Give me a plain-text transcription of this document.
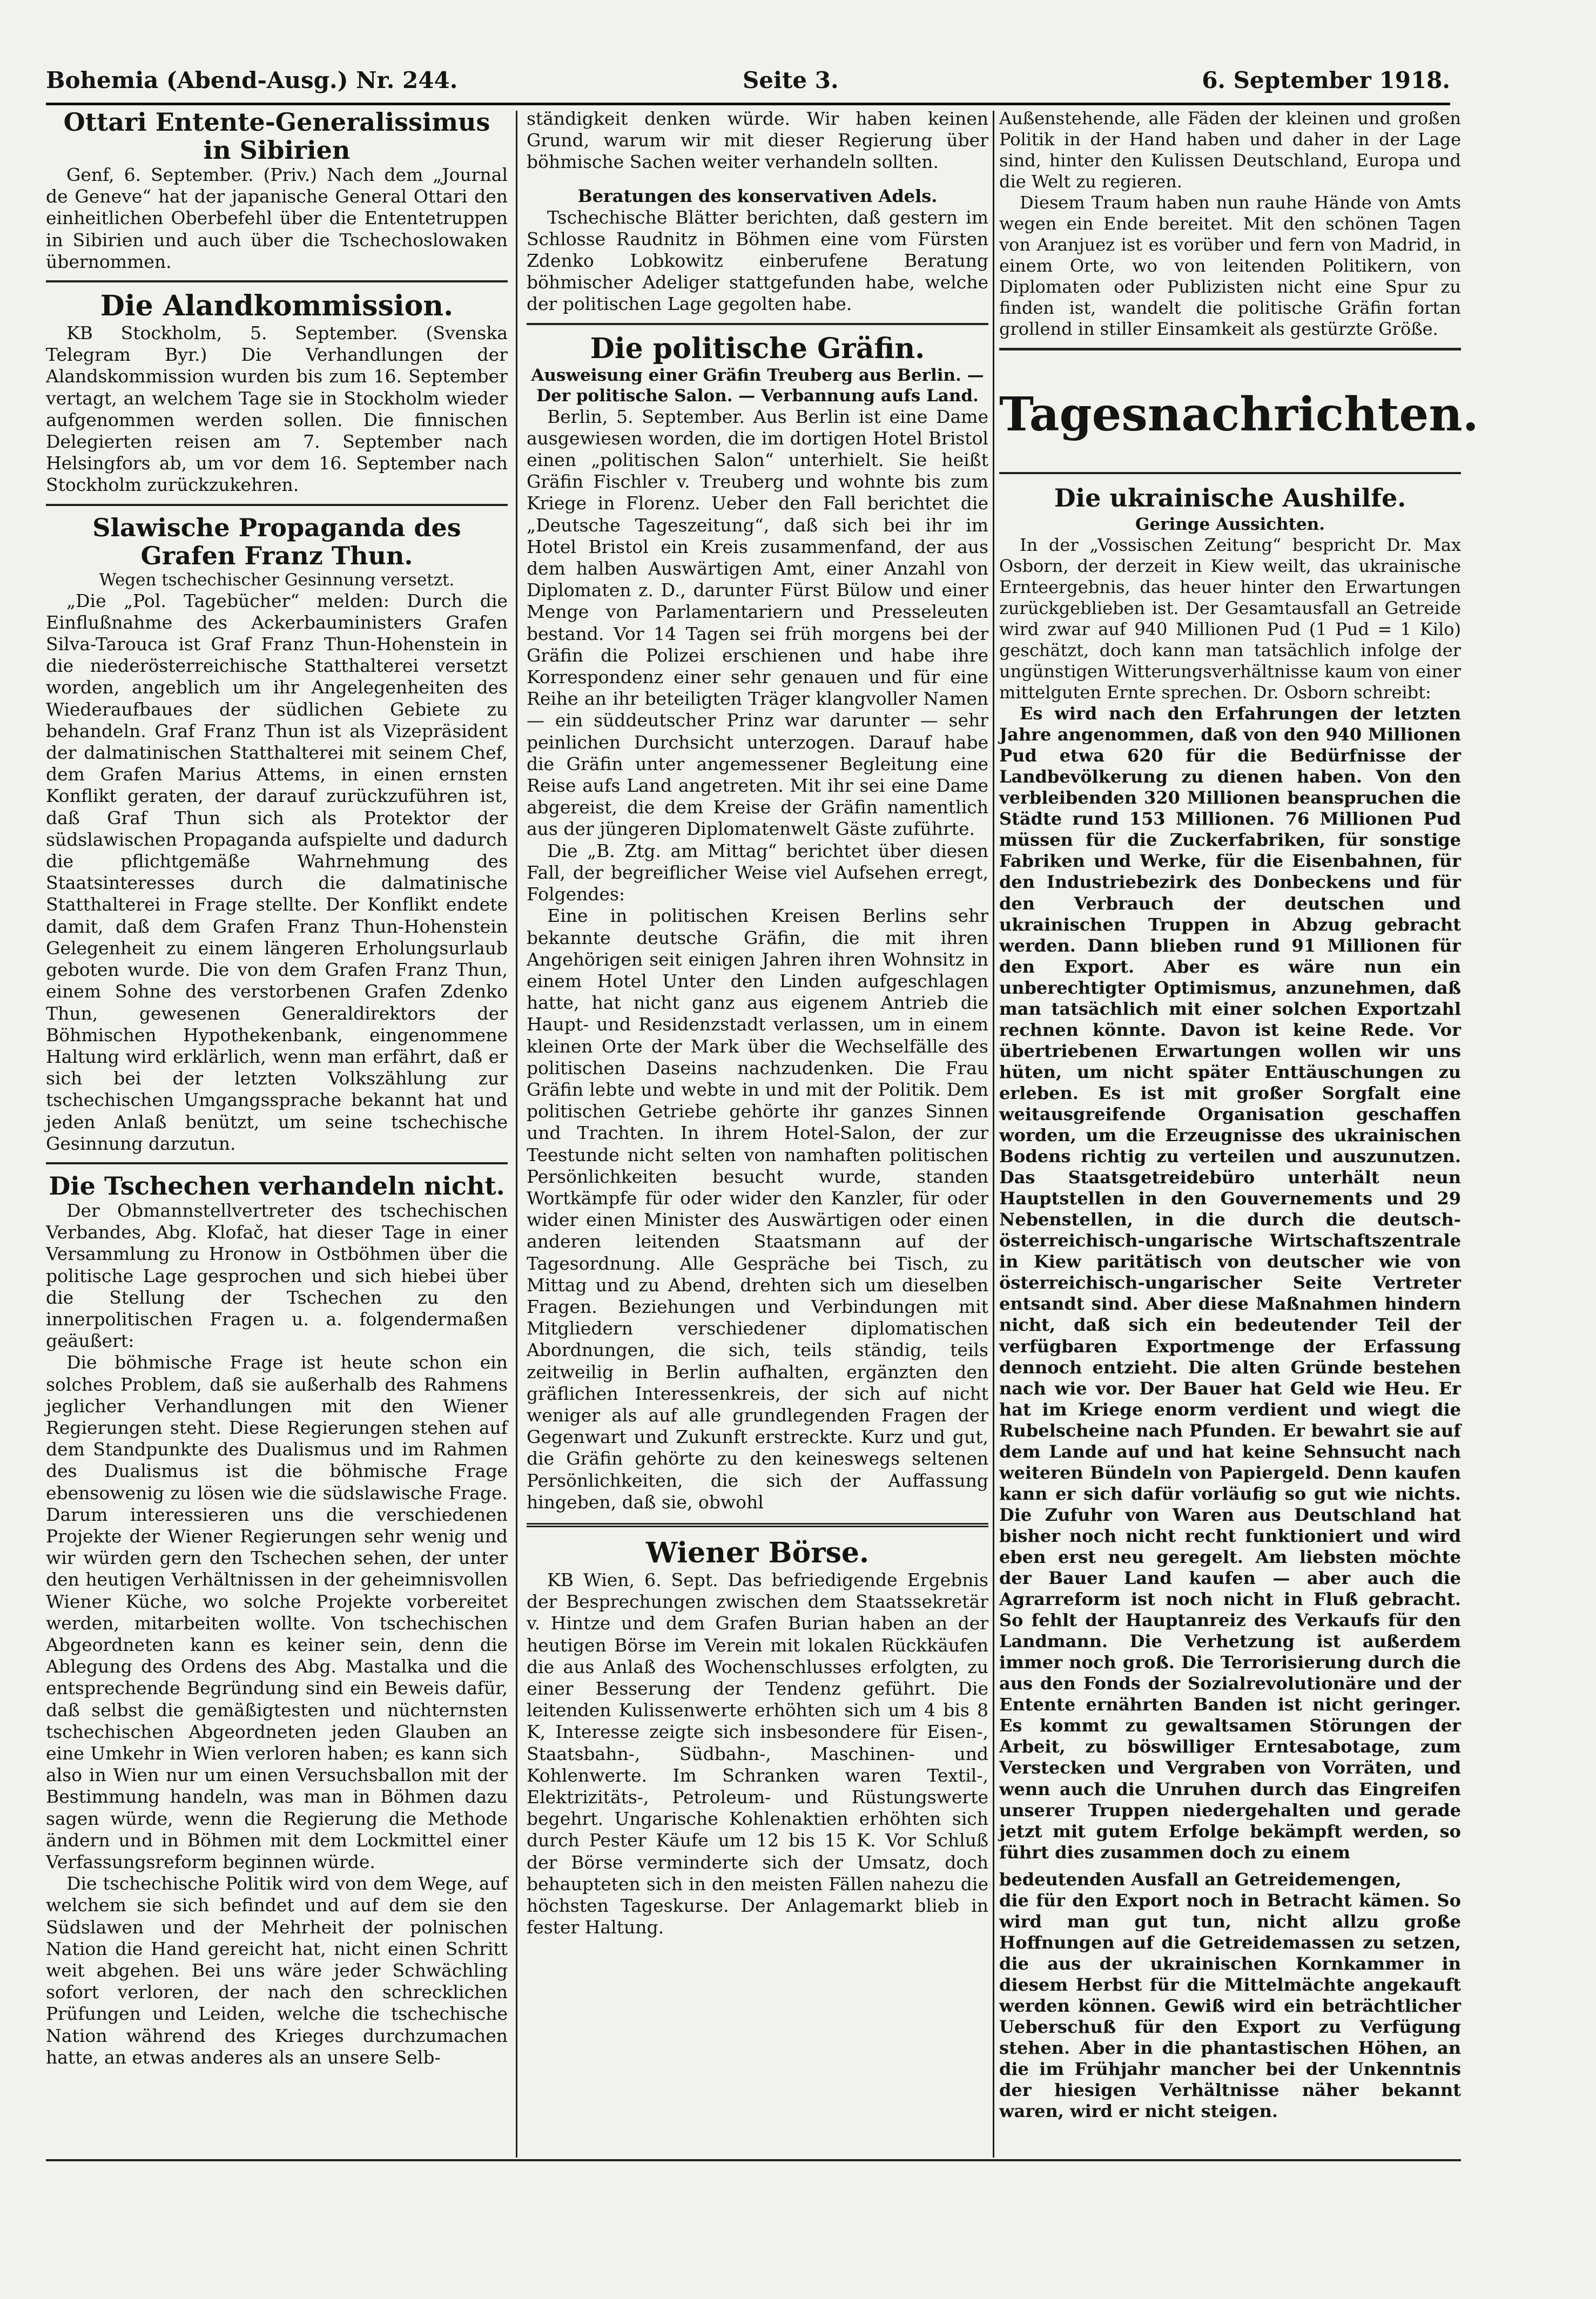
Bohemia (Abend-Ausg.) Nr. 244.	Seite 3.	6. September 1918.
Ottari Entente-Generalissimus in Sibirien

Genf, 6. September. (Priv.) Nach dem „Journal de Geneve“ hat der japanische General Ottari den einheitlichen Oberbefehl über die Ententetruppen in Sibirien und auch über die Tschechoslowaken übernommen.

Die Alandkommission.

KB Stockholm, 5. September. (Svenska Telegram Byr.) Die Verhandlungen der Alandskommission wurden bis zum 16. September vertagt, an welchem Tage sie in Stockholm wieder aufgenommen werden sollen. Die finnischen Delegierten reisen am 7. September nach Helsingfors ab, um vor dem 16. September nach Stockholm zurückzukehren.

Slawische Propaganda des Grafen Franz Thun.
Wegen tschechischer Gesinnung versetzt.

„Die „Pol. Tagebücher“ melden: Durch die Einflußnahme des Ackerbauministers Grafen Silva-Tarouca ist Graf Franz Thun-Hohenstein in die niederösterreichische Statthalterei versetzt worden, angeblich um ihr Angelegenheiten des Wiederaufbaues der südlichen Gebiete zu behandeln. Graf Franz Thun ist als Vizepräsident der dalmatinischen Statthalterei mit seinem Chef, dem Grafen Marius Attems, in einen ernsten Konflikt geraten, der darauf zurückzuführen ist, daß Graf Thun sich als Protektor der südslawischen Propaganda aufspielte und dadurch die pflichtgemäße Wahrnehmung des Staatsinteresses durch die dalmatinische Statthalterei in Frage stellte. Der Konflikt endete damit, daß dem Grafen Franz Thun-Hohenstein Gelegenheit zu einem längeren Erholungsurlaub geboten wurde. Die von dem Grafen Franz Thun, einem Sohne des verstorbenen Grafen Zdenko Thun, gewesenen Generaldirektors der Böhmischen Hypothekenbank, eingenommene Haltung wird erklärlich, wenn man erfährt, daß er sich bei der letzten Volkszählung zur tschechischen Umgangssprache bekannt hat und jeden Anlaß benützt, um seine tschechische Gesinnung darzutun.

Die Tschechen verhandeln nicht.

Der Obmannstellvertreter des tschechischen Verbandes, Abg. Klofač, hat dieser Tage in einer Versammlung zu Hronow in Ostböhmen über die politische Lage gesprochen und sich hiebei über die Stellung der Tschechen zu den innerpolitischen Fragen u. a. folgendermaßen geäußert:

Die böhmische Frage ist heute schon ein solches Problem, daß sie außerhalb des Rahmens jeglicher Verhandlungen mit den Wiener Regierungen steht. Diese Regierungen stehen auf dem Standpunkte des Dualismus und im Rahmen des Dualismus ist die böhmische Frage ebensowenig zu lösen wie die südslawische Frage. Darum interessieren uns die verschiedenen Projekte der Wiener Regierungen sehr wenig und wir würden gern den Tschechen sehen, der unter den heutigen Verhältnissen in der geheimnisvollen Wiener Küche, wo solche Projekte vorbereitet werden, mitarbeiten wollte. Von tschechischen Abgeordneten kann es keiner sein, denn die Ablegung des Ordens des Abg. Mastalka und die entsprechende Begründung sind ein Beweis dafür, daß selbst die gemäßigtesten und nüchternsten tschechischen Abgeordneten jeden Glauben an eine Umkehr in Wien verloren haben; es kann sich also in Wien nur um einen Versuchsballon mit der Bestimmung handeln, was man in Böhmen dazu sagen würde, wenn die Regierung die Methode ändern und in Böhmen mit dem Lockmittel einer Verfassungsreform beginnen würde.

Die tschechische Politik wird von dem Wege, auf welchem sie sich befindet und auf dem sie den Südslawen und der Mehrheit der polnischen Nation die Hand gereicht hat, nicht einen Schritt weit abgehen. Bei uns wäre jeder Schwächling sofort verloren, der nach den schrecklichen Prüfungen und Leiden, welche die tschechische Nation während des Krieges durchzumachen hatte, an etwas anderes als an unsere Selb-

ständigkeit denken würde. Wir haben keinen Grund, warum wir mit dieser Regierung über böhmische Sachen weiter verhandeln sollten.

Beratungen des konservativen Adels.

Tschechische Blätter berichten, daß gestern im Schlosse Raudnitz in Böhmen eine vom Fürsten Zdenko Lobkowitz einberufene Beratung böhmischer Adeliger stattgefunden habe, welche der politischen Lage gegolten habe.

Die politische Gräfin.
Ausweisung einer Gräfin Treuberg aus Berlin. — Der politische Salon. — Verbannung aufs Land.

Berlin, 5. September. Aus Berlin ist eine Dame ausgewiesen worden, die im dortigen Hotel Bristol einen „politischen Salon“ unterhielt. Sie heißt Gräfin Fischler v. Treuberg und wohnte bis zum Kriege in Florenz. Ueber den Fall berichtet die „Deutsche Tageszeitung“, daß sich bei ihr im Hotel Bristol ein Kreis zusammenfand, der aus dem halben Auswärtigen Amt, einer Anzahl von Diplomaten z. D., darunter Fürst Bülow und einer Menge von Parlamentariern und Presseleuten bestand. Vor 14 Tagen sei früh morgens bei der Gräfin die Polizei erschienen und habe ihre Korrespondenz einer sehr genauen und für eine Reihe an ihr beteiligten Träger klangvoller Namen — ein süddeutscher Prinz war darunter — sehr peinlichen Durchsicht unterzogen. Darauf habe die Gräfin unter angemessener Begleitung eine Reise aufs Land angetreten. Mit ihr sei eine Dame abgereist, die dem Kreise der Gräfin namentlich aus der jüngeren Diplomatenwelt Gäste zuführte.

Die „B. Ztg. am Mittag“ berichtet über diesen Fall, der begreiflicher Weise viel Aufsehen erregt, Folgendes:

Eine in politischen Kreisen Berlins sehr bekannte deutsche Gräfin, die mit ihren Angehörigen seit einigen Jahren ihren Wohnsitz in einem Hotel Unter den Linden aufgeschlagen hatte, hat nicht ganz aus eigenem Antrieb die Haupt- und Residenzstadt verlassen, um in einem kleinen Orte der Mark über die Wechselfälle des politischen Daseins nachzudenken. Die Frau Gräfin lebte und webte in und mit der Politik. Dem politischen Getriebe gehörte ihr ganzes Sinnen und Trachten. In ihrem Hotel-Salon, der zur Teestunde nicht selten von namhaften politischen Persönlichkeiten besucht wurde, standen Wortkämpfe für oder wider den Kanzler, für oder wider einen Minister des Auswärtigen oder einen anderen leitenden Staatsmann auf der Tagesordnung. Alle Gespräche bei Tisch, zu Mittag und zu Abend, drehten sich um dieselben Fragen. Beziehungen und Verbindungen mit Mitgliedern verschiedener diplomatischen Abordnungen, die sich, teils ständig, teils zeitweilig in Berlin aufhalten, ergänzten den gräflichen Interessenkreis, der sich auf nicht weniger als auf alle grundlegenden Fragen der Gegenwart und Zukunft erstreckte. Kurz und gut, die Gräfin gehörte zu den keineswegs seltenen Persönlichkeiten, die sich der Auffassung hingeben, daß sie, obwohl

Wiener Börse.

KB Wien, 6. Sept. Das befriedigende Ergebnis der Besprechungen zwischen dem Staatssekretär v. Hintze und dem Grafen Burian haben an der heutigen Börse im Verein mit lokalen Rückkäufen die aus Anlaß des Wochenschlusses erfolgten, zu einer Besserung der Tendenz geführt. Die leitenden Kulissenwerte erhöhten sich um 4 bis 8 K, Interesse zeigte sich insbesondere für Eisen-, Staatsbahn-, Südbahn-, Maschinen- und Kohlenwerte. Im Schranken waren Textil-, Elektrizitäts-, Petroleum- und Rüstungswerte begehrt. Ungarische Kohlenaktien erhöhten sich durch Pester Käufe um 12 bis 15 K. Vor Schluß der Börse verminderte sich der Umsatz, doch behaupteten sich in den meisten Fällen nahezu die höchsten Tageskurse. Der Anlagemarkt blieb in fester Haltung.

Außenstehende, alle Fäden der kleinen und großen Politik in der Hand haben und daher in der Lage sind, hinter den Kulissen Deutschland, Europa und die Welt zu regieren.

Diesem Traum haben nun rauhe Hände von Amts wegen ein Ende bereitet. Mit den schönen Tagen von Aranjuez ist es vorüber und fern von Madrid, in einem Orte, wo von leitenden Politikern, von Diplomaten oder Publizisten nicht eine Spur zu finden ist, wandelt die politische Gräfin fortan grollend in stiller Einsamkeit als gestürzte Größe.

Tagesnachrichten.
Die ukrainische Aushilfe.
Geringe Aussichten.

In der „Vossischen Zeitung“ bespricht Dr. Max Osborn, der derzeit in Kiew weilt, das ukrainische Ernteergebnis, das heuer hinter den Erwartungen zurückgeblieben ist. Der Gesamtausfall an Getreide wird zwar auf 940 Millionen Pud (1 Pud = 1 Kilo) geschätzt, doch kann man tatsächlich infolge der ungünstigen Witterungsverhältnisse kaum von einer mittelguten Ernte sprechen. Dr. Osborn schreibt:

Es wird nach den Erfahrungen der letzten Jahre angenommen, daß von den 940 Millionen Pud etwa 620 für die Bedürfnisse der Landbevölkerung zu dienen haben. Von den verbleibenden 320 Millionen beanspruchen die Städte rund 153 Millionen. 76 Millionen Pud müssen für die Zuckerfabriken, für sonstige Fabriken und Werke, für die Eisenbahnen, für den Industriebezirk des Donbeckens und für den Verbrauch der deutschen und ukrainischen Truppen in Abzug gebracht werden. Dann blieben rund 91 Millionen für den Export. Aber es wäre nun ein unberechtigter Optimismus, anzunehmen, daß man tatsächlich mit einer solchen Exportzahl rechnen könnte. Davon ist keine Rede. Vor übertriebenen Erwartungen wollen wir uns hüten, um nicht später Enttäuschungen zu erleben. Es ist mit großer Sorgfalt eine weitausgreifende Organisation geschaffen worden, um die Erzeugnisse des ukrainischen Bodens richtig zu verteilen und auszunutzen. Das Staatsgetreidebüro unterhält neun Hauptstellen in den Gouvernements und 29 Nebenstellen, in die durch die deutsch-österreichisch-ungarische Wirtschaftszentrale in Kiew paritätisch von deutscher wie von österreichisch-ungarischer Seite Vertreter entsandt sind. Aber diese Maßnahmen hindern nicht, daß sich ein bedeutender Teil der verfügbaren Exportmenge der Erfassung dennoch entzieht. Die alten Gründe bestehen nach wie vor. Der Bauer hat Geld wie Heu. Er hat im Kriege enorm verdient und wiegt die Rubelscheine nach Pfunden. Er bewahrt sie auf dem Lande auf und hat keine Sehnsucht nach weiteren Bündeln von Papiergeld. Denn kaufen kann er sich dafür vorläufig so gut wie nichts. Die Zufuhr von Waren aus Deutschland hat bisher noch nicht recht funktioniert und wird eben erst neu geregelt. Am liebsten möchte der Bauer Land kaufen — aber auch die Agrarreform ist noch nicht in Fluß gebracht. So fehlt der Hauptanreiz des Verkaufs für den Landmann. Die Verhetzung ist außerdem immer noch groß. Die Terrorisierung durch die aus den Fonds der Sozialrevolutionäre und der Entente ernährten Banden ist nicht geringer. Es kommt zu gewaltsamen Störungen der Arbeit, zu böswilliger Erntesabotage, zum Verstecken und Vergraben von Vorräten, und wenn auch die Unruhen durch das Eingreifen unserer Truppen niedergehalten und gerade jetzt mit gutem Erfolge bekämpft werden, so führt dies zusammen doch zu einem

bedeutenden Ausfall an Getreidemengen,

die für den Export noch in Betracht kämen. So wird man gut tun, nicht allzu große Hoffnungen auf die Getreidemassen zu setzen, die aus der ukrainischen Kornkammer in diesem Herbst für die Mittelmächte angekauft werden können. Gewiß wird ein beträchtlicher Ueberschuß für den Export zu Verfügung stehen. Aber in die phantastischen Höhen, an die im Frühjahr mancher bei der Unkenntnis der hiesigen Verhältnisse näher bekannt waren, wird er nicht steigen.
